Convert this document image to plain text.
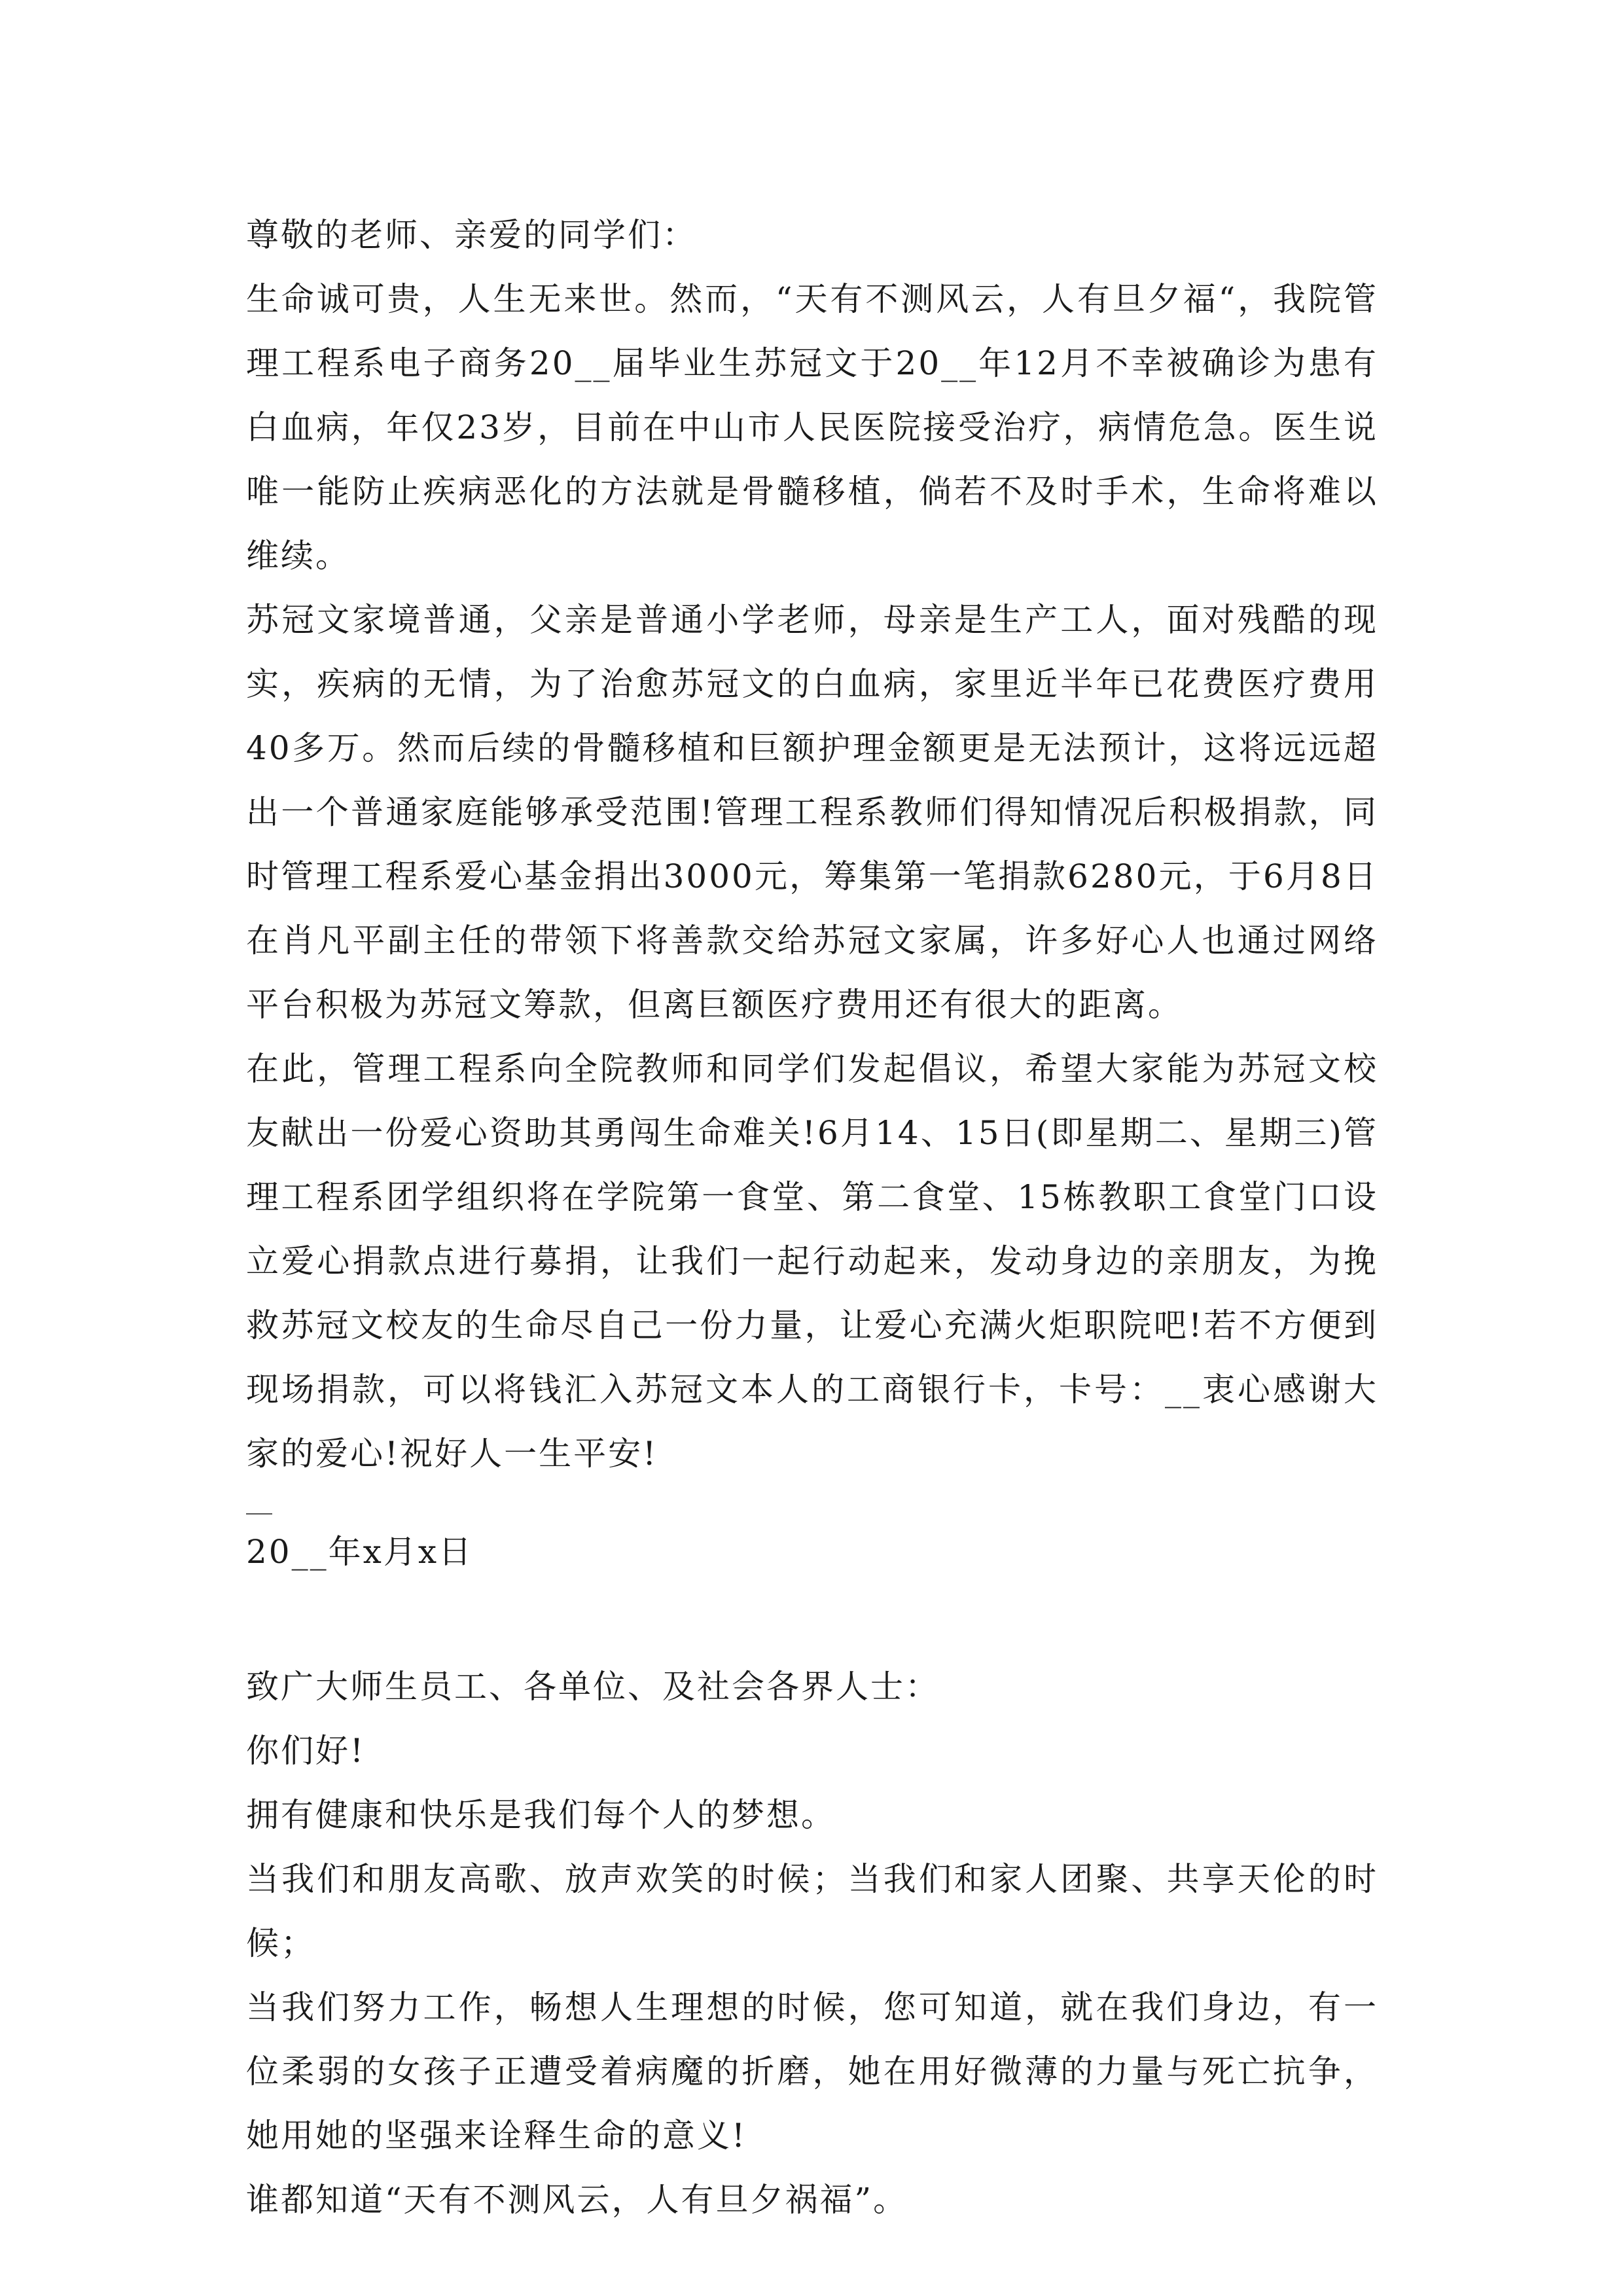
尊敬的老师、亲爱的同学们：

生命诚可贵，人生无来世。然而，“天有不测风云，人有旦夕福“，我院管理工程系电子商务20__届毕业生苏冠文于20__年12月不幸被确诊为患有白血病，年仅23岁，目前在中山市人民医院接受治疗，病情危急。医生说唯一能防止疾病恶化的方法就是骨髓移植，倘若不及时手术，生命将难以维续。

苏冠文家境普通，父亲是普通小学老师，母亲是生产工人，面对残酷的现实，疾病的无情，为了治愈苏冠文的白血病，家里近半年已花费医疗费用40多万。然而后续的骨髓移植和巨额护理金额更是无法预计，这将远远超出一个普通家庭能够承受范围!管理工程系教师们得知情况后积极捐款，同时管理工程系爱心基金捐出3000元，筹集第一笔捐款6280元，于6月8日在肖凡平副主任的带领下将善款交给苏冠文家属，许多好心人也通过网络平台积极为苏冠文筹款，但离巨额医疗费用还有很大的距离。

在此，管理工程系向全院教师和同学们发起倡议，希望大家能为苏冠文校友献出一份爱心资助其勇闯生命难关!6月14、15日(即星期二、星期三)管理工程系团学组织将在学院第一食堂、第二食堂、15栋教职工食堂门口设立爱心捐款点进行募捐，让我们一起行动起来，发动身边的亲朋友，为挽救苏冠文校友的生命尽自己一份力量，让爱心充满火炬职院吧!若不方便到现场捐款，可以将钱汇入苏冠文本人的工商银行卡，卡号：__衷心感谢大家的爱心!祝好人一生平安!

20__年x月x日

致广大师生员工、各单位、及社会各界人士：

你们好!

拥有健康和快乐是我们每个人的梦想。

当我们和朋友高歌、放声欢笑的时候；当我们和家人团聚、共享天伦的时候；

当我们努力工作，畅想人生理想的时候，您可知道，就在我们身边，有一位柔弱的女孩子正遭受着病魔的折磨，她在用好微薄的力量与死亡抗争，她用她的坚强来诠释生命的意义!

谁都知道“天有不测风云，人有旦夕祸福”。
